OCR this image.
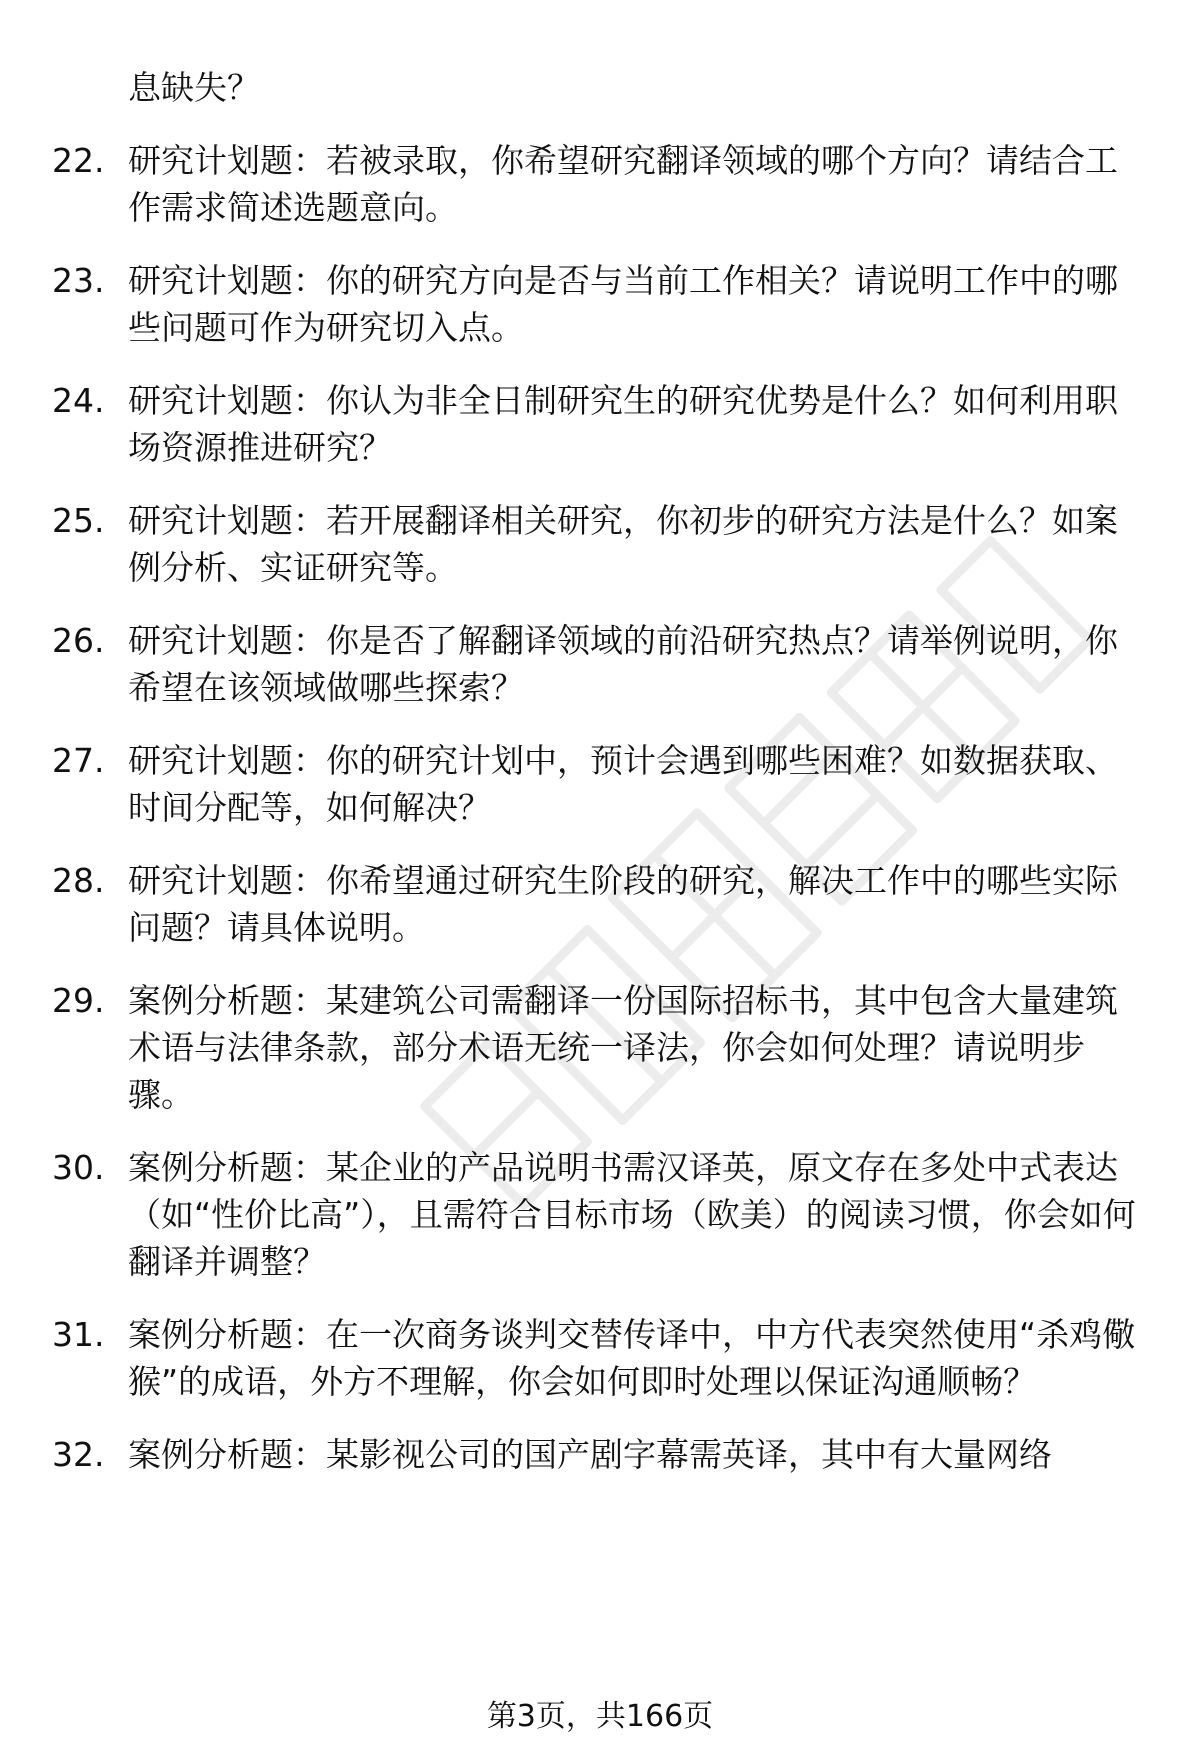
息缺失？
22. 研究计划题：若被录取，你希望研究翻译领域的哪个方向？请结合工作需求简述选题意向。
23. 研究计划题：你的研究方向是否与当前工作相关？请说明工作中的哪些问题可作为研究切入点。
24. 研究计划题：你认为非全日制研究生的研究优势是什么？如何利用职场资源推进研究？
25. 研究计划题：若开展翻译相关研究，你初步的研究方法是什么？如案例分析、实证研究等。
26. 研究计划题：你是否了解翻译领域的前沿研究热点？请举例说明，你希望在该领域做哪些探索？
27. 研究计划题：你的研究计划中，预计会遇到哪些困难？如数据获取、时间分配等，如何解决？
28. 研究计划题：你希望通过研究生阶段的研究，解决工作中的哪些实际问题？请具体说明。
29. 案例分析题：某建筑公司需翻译一份国际招标书，其中包含大量建筑术语与法律条款，部分术语无统一译法，你会如何处理？请说明步骤。
30. 案例分析题：某企业的产品说明书需汉译英，原文存在多处中式表达（如“性价比高”），且需符合目标市场（欧美）的阅读习惯，你会如何翻译并调整？
31. 案例分析题：在一次商务谈判交替传译中，中方代表突然使用“杀鸡儆猴”的成语，外方不理解，你会如何即时处理以保证沟通顺畅？
32. 案例分析题：某影视公司的国产剧字幕需英译，其中有大量网络
第3页，共166页
